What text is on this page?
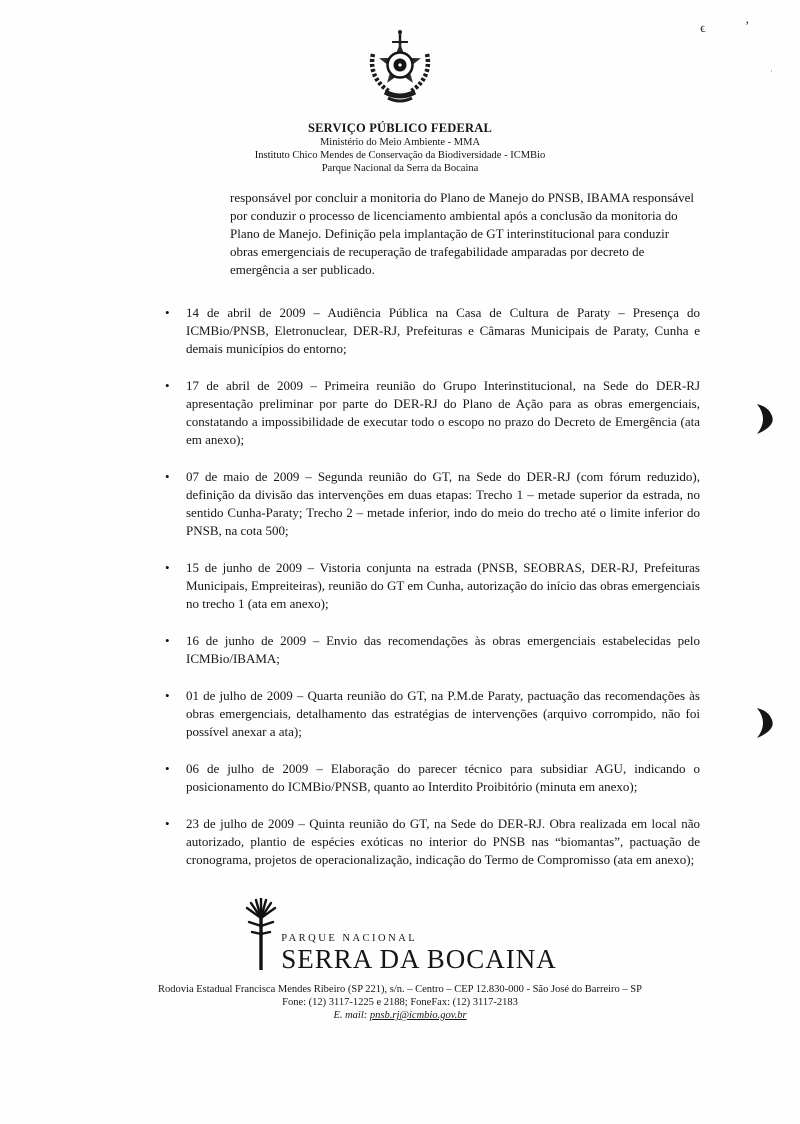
ϵ	’
·
SERVIÇO PÚBLICO FEDERAL
Ministério do Meio Ambiente - MMA
Instituto Chico Mendes de Conservação da Biodiversidade - ICMBio
Parque Nacional da Serra da Bocaina

responsável por concluir a monitoria do Plano de Manejo do PNSB, IBAMA responsável por conduzir o processo de licenciamento ambiental após a conclusão da monitoria do Plano de Manejo. Definição pela implantação de GT interinstitucional para conduzir obras emergenciais de recuperação de trafegabilidade amparadas por decreto de emergência a ser publicado.

•
14 de abril de 2009 – Audiência Pública na Casa de Cultura de Paraty – Presença do ICMBio/PNSB, Eletronuclear, DER-RJ, Prefeituras e Câmaras Municipais de Paraty, Cunha e demais municípios do entorno;
•
17 de abril de 2009 – Primeira reunião do Grupo Interinstitucional, na Sede do DER-RJ apresentação preliminar por parte do DER-RJ do Plano de Ação para as obras emergenciais, constatando a impossibilidade de executar todo o escopo no prazo do Decreto de Emergência (ata em anexo);
•
07 de maio de 2009 – Segunda reunião do GT, na Sede do DER-RJ (com fórum reduzido), definição da divisão das intervenções em duas etapas: Trecho 1 – metade superior da estrada, no sentido Cunha-Paraty; Trecho 2 – metade inferior, indo do meio do trecho até o limite inferior do PNSB, na cota 500;
•
15 de junho de 2009 – Vistoria conjunta na estrada (PNSB, SEOBRAS, DER-RJ, Prefeituras Municipais, Empreiteiras), reunião do GT em Cunha, autorização do início das obras emergenciais no trecho 1 (ata em anexo);
•
16 de junho de 2009 – Envio das recomendações às obras emergenciais estabelecidas pelo ICMBio/IBAMA;
•
01 de julho de 2009 – Quarta reunião do GT, na P.M.de Paraty, pactuação das recomendações às obras emergenciais, detalhamento das estratégias de intervenções (arquivo corrompido, não foi possível anexar a ata);
•
06 de julho de 2009 – Elaboração do parecer técnico para subsidiar AGU, indicando o posicionamento do ICMBio/PNSB, quanto ao Interdito Proibitório (minuta em anexo);
•
23 de julho de 2009 – Quinta reunião do GT, na Sede do DER-RJ. Obra realizada em local não autorizado, plantio de espécies exóticas no interior do PNSB nas “biomantas”, pactuação de cronograma, projetos de operacionalização, indicação do Termo de Compromisso (ata em anexo);
PARQUE NACIONAL
SERRA DA BOCAINA
Rodovia Estadual Francisca Mendes Ribeiro (SP 221), s/n. – Centro – CEP 12.830-000 - São José do Barreiro – SP
Fone: (12) 3117-1225 e 2188; FoneFax: (12) 3117-2183
E. mail: pnsb.rj@icmbio.gov.br
